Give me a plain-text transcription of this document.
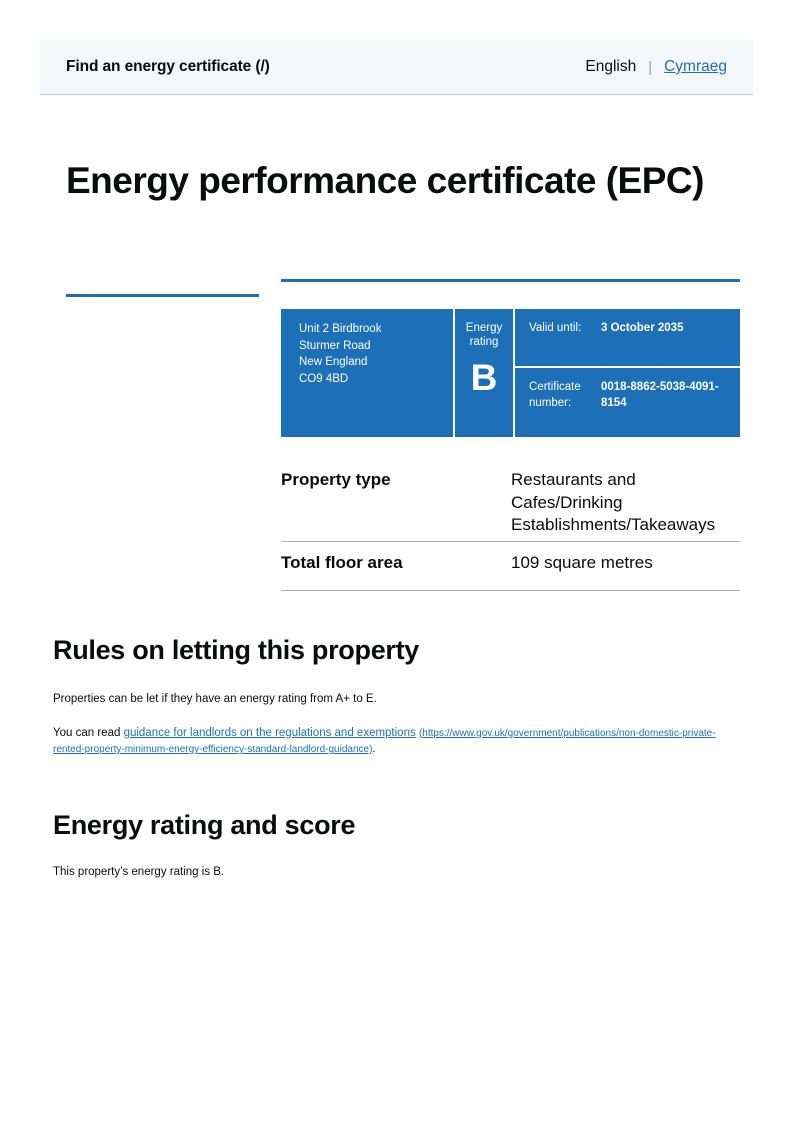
Find an energy certificate (/)	English | Cymraeg
Energy performance certificate (EPC)
Unit 2 Birdbrook
Sturmer Road
New England
CO9 4BD
Energy
rating
B
Valid until:	3 October 2035
Certificate number:
0018-8862-5038-4091-8154
Property type	Restaurants and Cafes/Drinking Establishments/Takeaways
Total floor area	109 square metres
Rules on letting this property

Properties can be let if they have an energy rating from A+ to E.

You can read guidance for landlords on the regulations and exemptions (https://www.gov.uk/government/publications/non-domestic-private-rented-property-minimum-energy-efficiency-standard-landlord-guidance).

Energy rating and score

This property’s energy rating is B.
